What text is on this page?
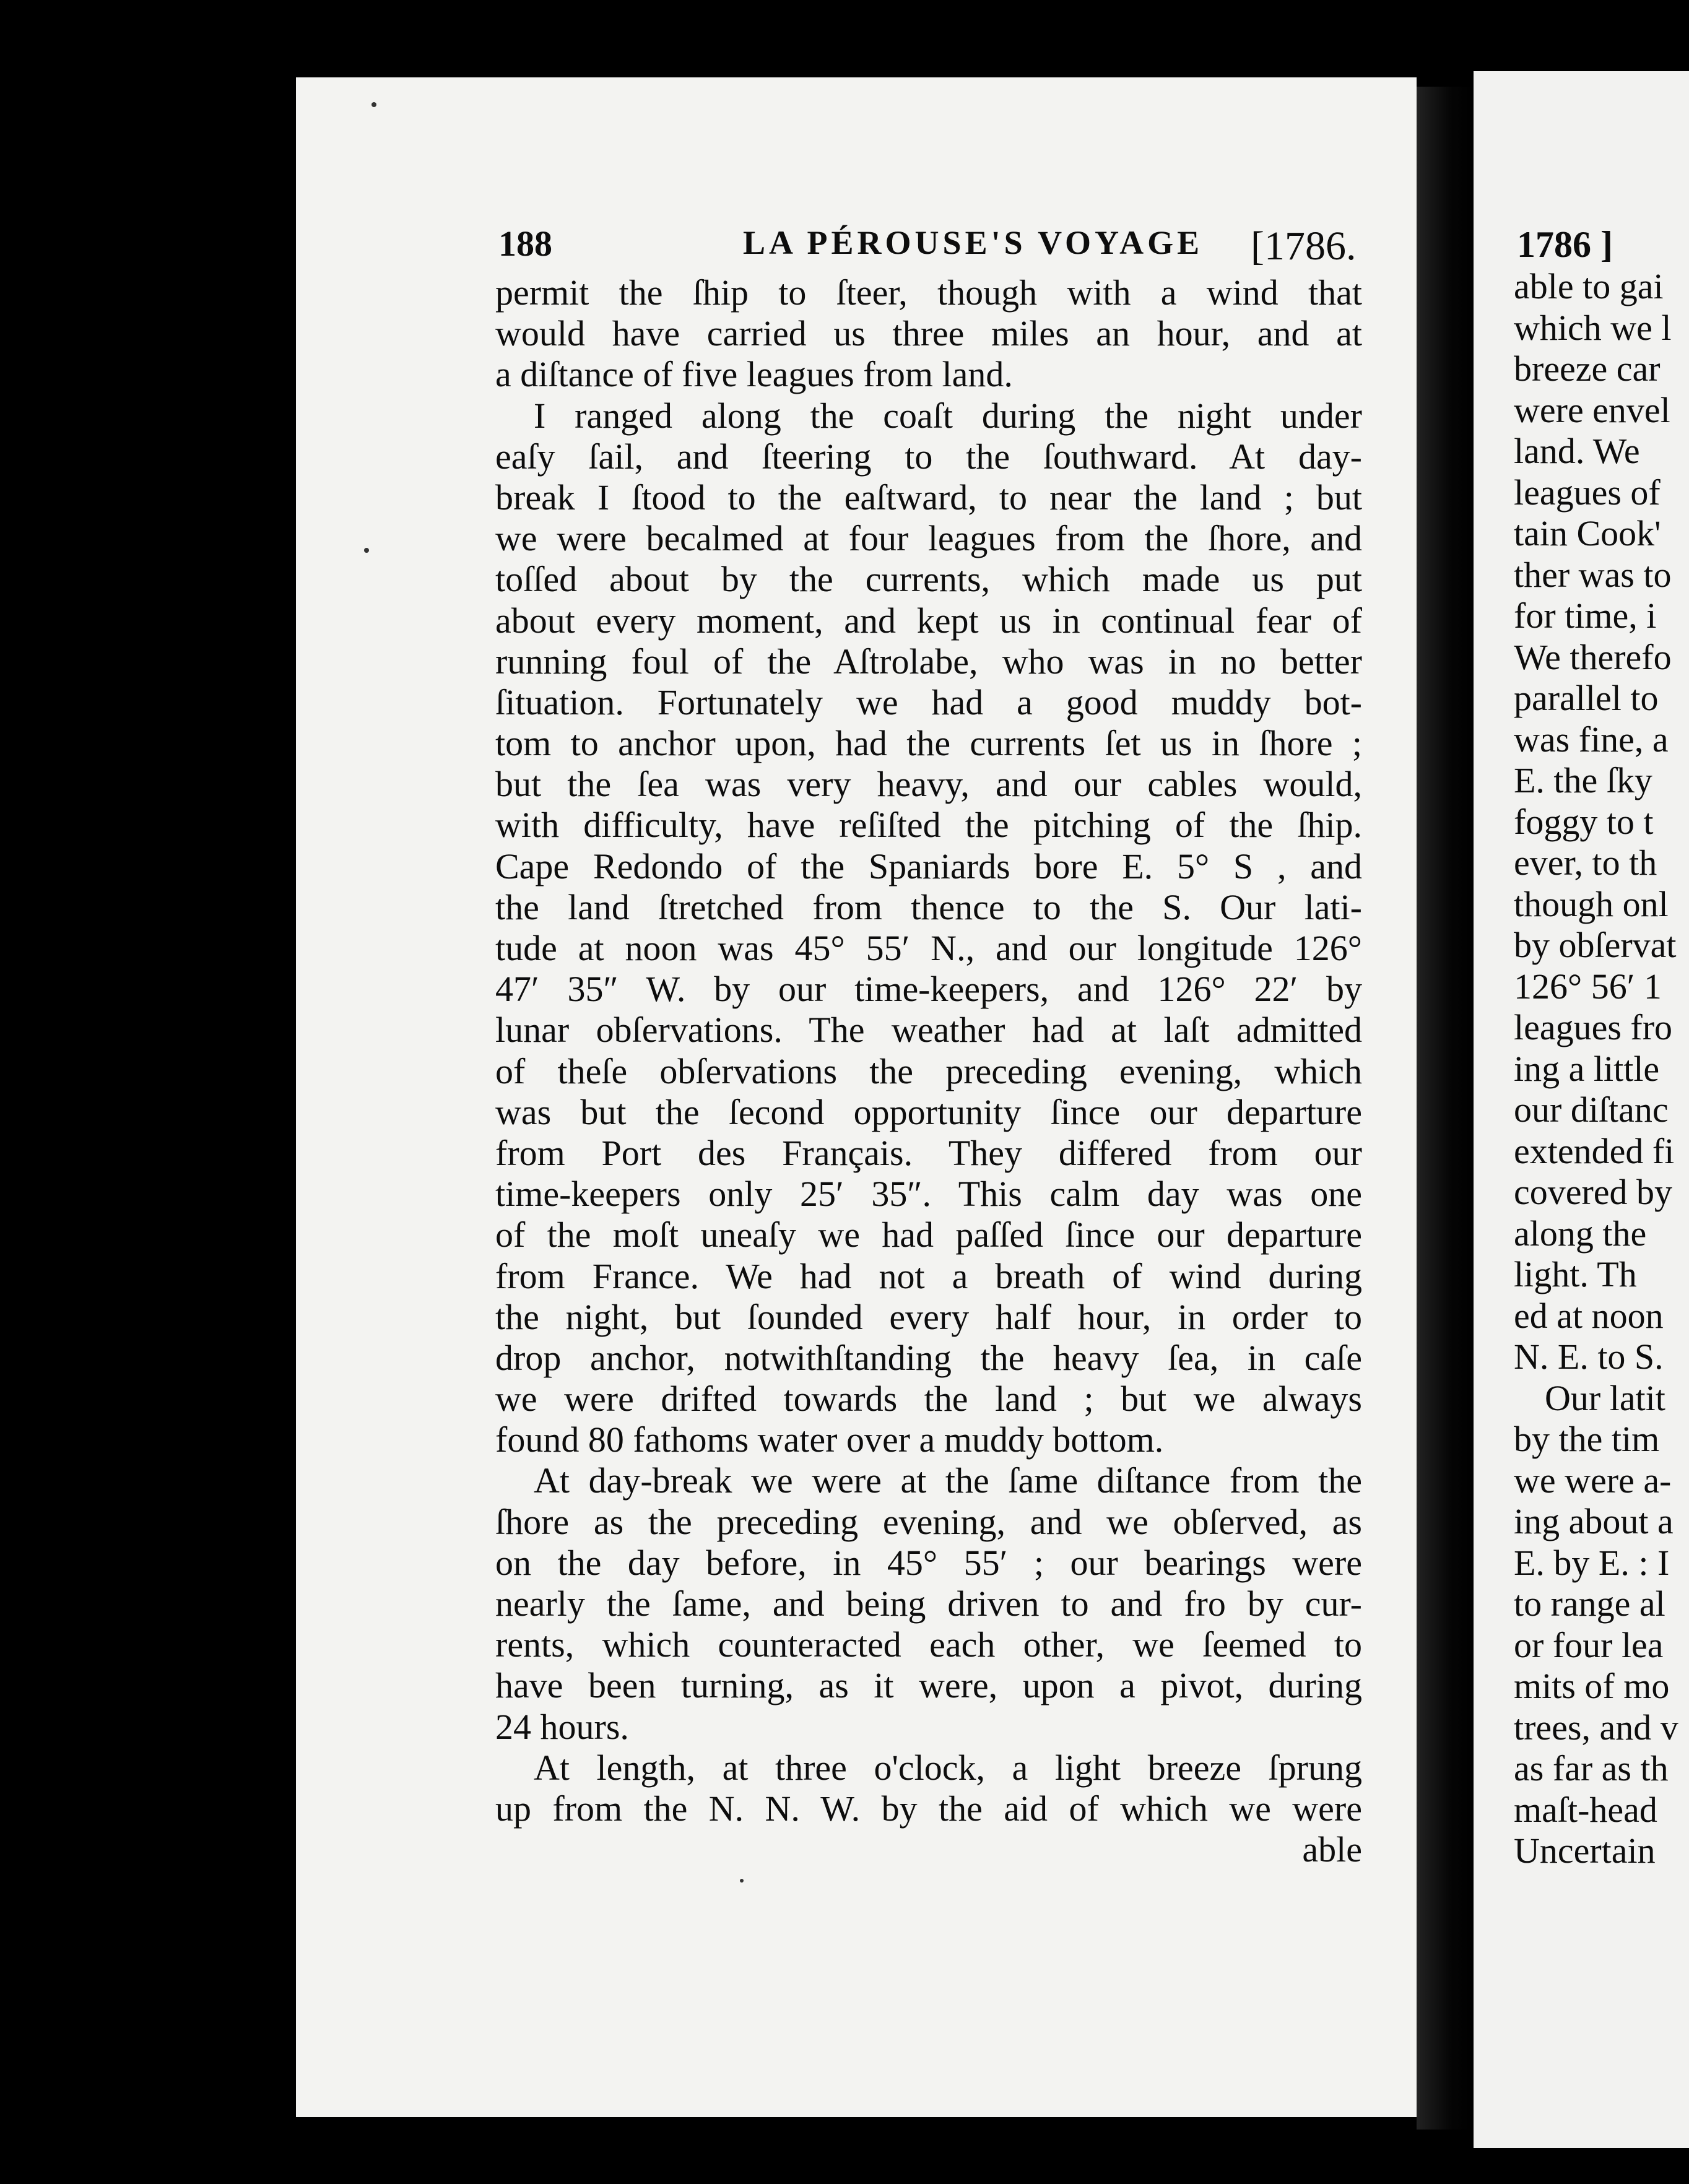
188	LA PÉROUSE'S VOYAGE [1786.	1786 ]
permit the ſhip to ſteer, though with a wind that
would have carried us three miles an hour, and at
a diſtance of five leagues from land.
I ranged along the coaſt during the night under
eaſy ſail, and ſteering to the ſouthward. At day-
break I ſtood to the eaſtward, to near the land ; but
we were becalmed at four leagues from the ſhore, and
toſſed about by the currents, which made us put
about every moment, and kept us in continual fear of
running foul of the Aſtrolabe, who was in no better
ſituation. Fortunately we had a good muddy bot-
tom to anchor upon, had the currents ſet us in ſhore ;
but the ſea was very heavy, and our cables would,
with difficulty, have reſiſted the pitching of the ſhip.
Cape Redondo of the Spaniards bore E. 5° S , and
the land ſtretched from thence to the S. Our lati-
tude at noon was 45° 55′ N., and our longitude 126°
47′ 35″ W. by our time-keepers, and 126° 22′ by
lunar obſervations. The weather had at laſt admitted
of theſe obſervations the preceding evening, which
was but the ſecond opportunity ſince our departure
from Port des Français. They differed from our
time-keepers only 25′ 35″. This calm day was one
of the moſt uneaſy we had paſſed ſince our departure
from France. We had not a breath of wind during
the night, but ſounded every half hour, in order to
drop anchor, notwithſtanding the heavy ſea, in caſe
we were drifted towards the land ; but we always
found 80 fathoms water over a muddy bottom.
At day-break we were at the ſame diſtance from the
ſhore as the preceding evening, and we obſerved, as
on the day before, in 45° 55′ ; our bearings were
nearly the ſame, and being driven to and fro by cur-
rents, which counteracted each other, we ſeemed to
have been turning, as it were, upon a pivot, during
24 hours.
At length, at three o'clock, a light breeze ſprung
up from the N. N. W. by the aid of which we were
able
able to gai
which we l
breeze car
were envel
land. We
leagues of
tain Cook'
ther was to
for time, i
We therefo
parallel to
was fine, a
E. the ſky
foggy to t
ever, to th
though onl
by obſervat
126° 56′ 1
leagues fro
ing a little
our diſtanc
extended fi
covered by
along the
light. Th
ed at noon
N. E. to S.
Our latit
by the tim
we were a-
ing about a
E. by E. : I
to range al
or four lea
mits of mo
trees, and v
as far as th
maſt-head
Uncertain
